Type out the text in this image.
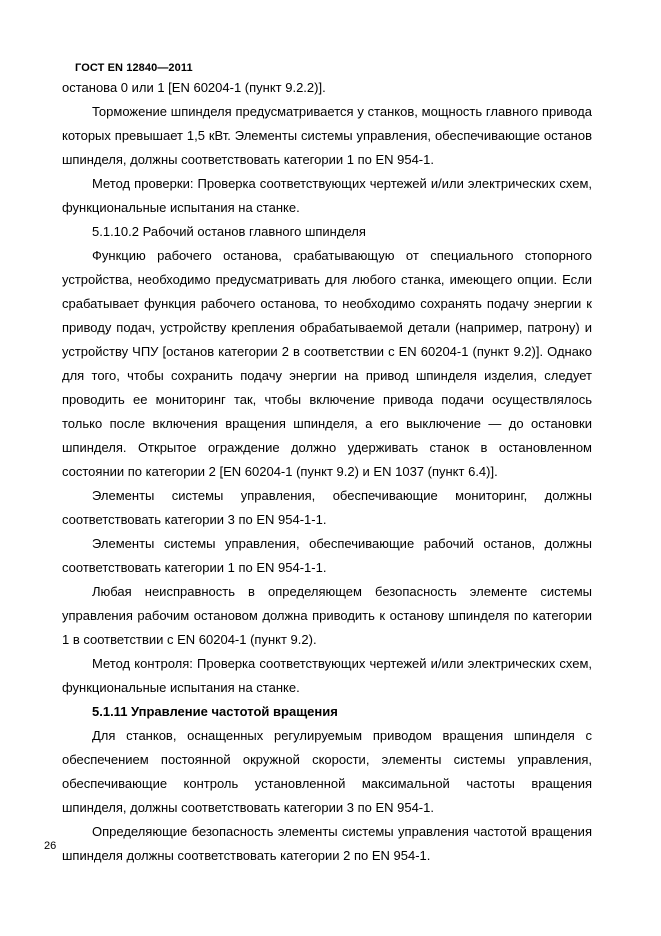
ГОСТ EN 12840—2011

останова 0 или 1 [EN 60204-1 (пункт 9.2.2)].

Торможение шпинделя предусматривается у станков, мощность главного привода которых превышает 1,5 кВт. Элементы системы управления, обеспечивающие останов шпинделя, должны соответствовать категории 1 по EN 954-1.

Метод проверки: Проверка соответствующих чертежей и/или электрических схем, функциональные испытания на станке.

5.1.10.2 Рабочий останов главного шпинделя

Функцию рабочего останова, срабатывающую от специального стопорного устройства, необходимо предусматривать для любого станка, имеющего опции. Если срабатывает функция рабочего останова, то необходимо сохранять подачу энергии к приводу подач, устройству крепления обрабатываемой детали (например, патрону) и устройству ЧПУ [останов категории 2 в соответствии с EN 60204-1 (пункт 9.2)]. Однако для того, чтобы сохранить подачу энергии на привод шпинделя изделия, следует проводить ее мониторинг так, чтобы включение привода подачи осуществлялось только после включения вращения шпинделя, а его выключение — до остановки шпинделя. Открытое ограждение должно удерживать станок в остановленном состоянии по категории 2 [EN 60204-1 (пункт 9.2) и EN 1037 (пункт 6.4)].

Элементы системы управления, обеспечивающие мониторинг, должны соответствовать категории 3 по EN 954-1-1.

Элементы системы управления, обеспечивающие рабочий останов, должны соответствовать категории 1 по EN 954-1-1.

Любая неисправность в определяющем безопасность элементе системы управления рабочим остановом должна приводить к останову шпинделя по категории 1 в соответствии с EN 60204-1 (пункт 9.2).

Метод контроля: Проверка соответствующих чертежей и/или электрических схем, функциональные испытания на станке.

5.1.11 Управление частотой вращения

Для станков, оснащенных регулируемым приводом вращения шпинделя с обеспечением постоянной окружной скорости, элементы системы управления, обеспечивающие контроль установленной максимальной частоты вращения шпинделя, должны соответствовать категории 3 по EN 954-1.

Определяющие безопасность элементы системы управления частотой вращения шпинделя должны соответствовать категории 2 по EN 954-1.

26
